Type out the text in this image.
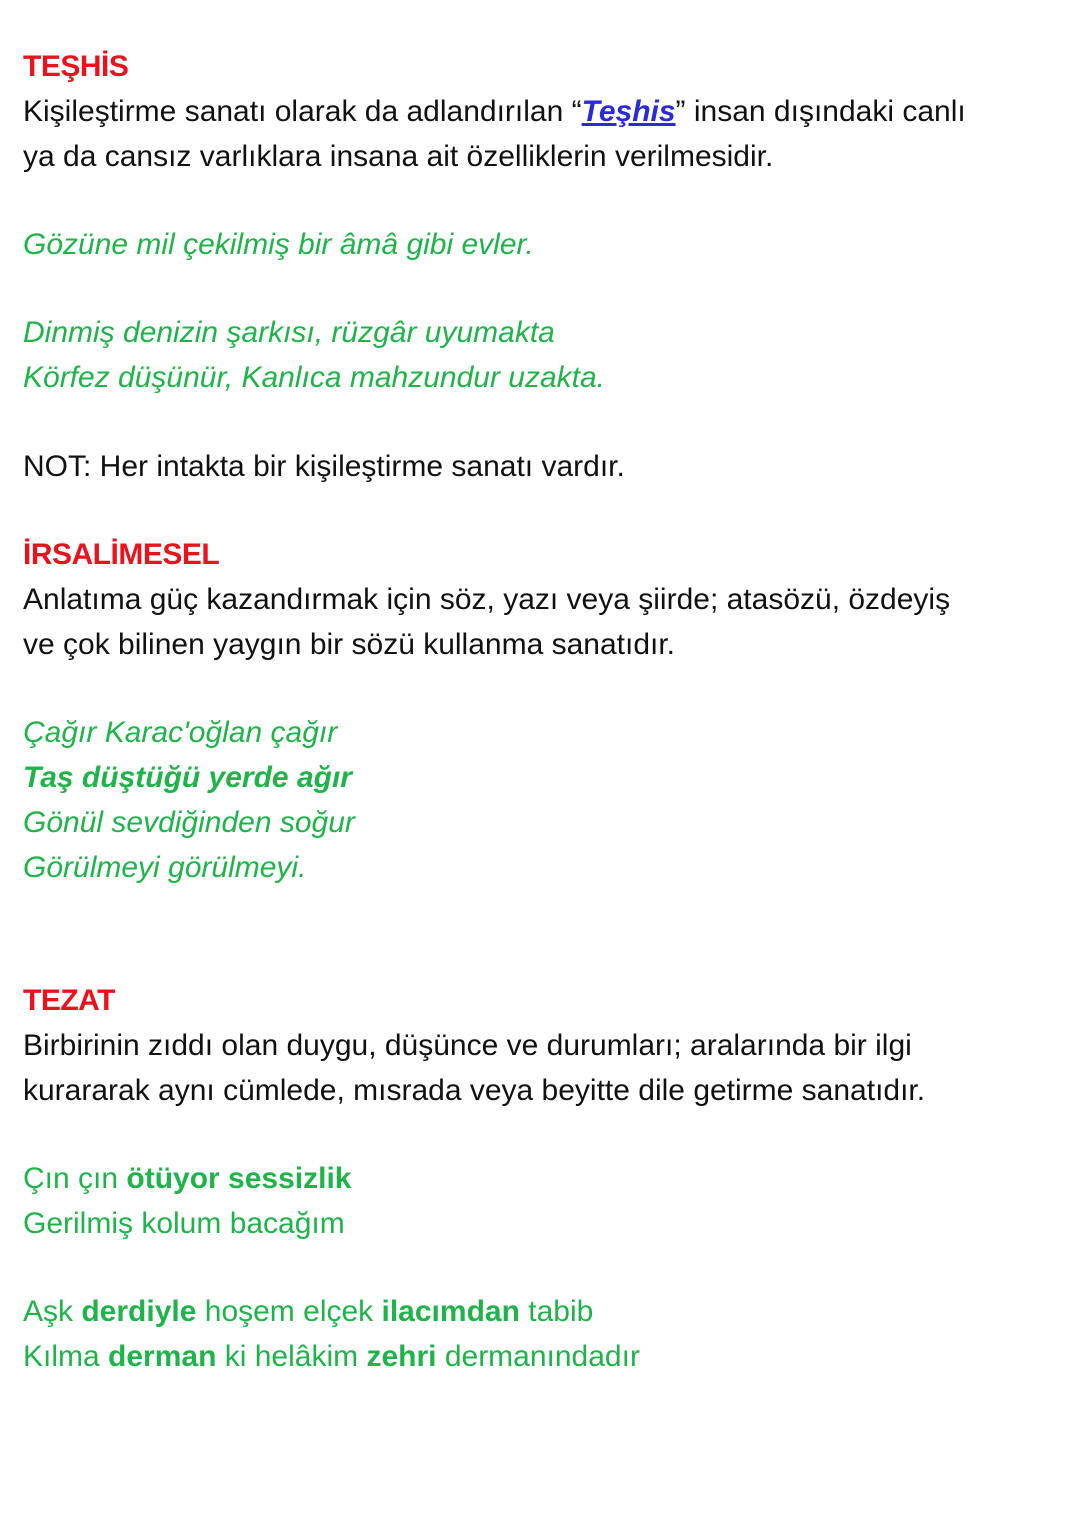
TEŞHİS

Kişileştirme sanatı olarak da adlandırılan “Teşhis” insan dışındaki canlı

ya da cansız varlıklara insana ait özelliklerin verilmesidir.

Gözüne mil çekilmiş bir âmâ gibi evler.

Dinmiş denizin şarkısı, rüzgâr uyumakta

Körfez düşünür, Kanlıca mahzundur uzakta.

NOT: Her intakta bir kişileştirme sanatı vardır.

İRSALİMESEL

Anlatıma güç kazandırmak için söz, yazı veya şiirde; atasözü, özdeyiş

ve çok bilinen yaygın bir sözü kullanma sanatıdır.

Çağır Karac'oğlan çağır

Taş düştüğü yerde ağır

Gönül sevdiğinden soğur

Görülmeyi görülmeyi.

TEZAT

Birbirinin zıddı olan duygu, düşünce ve durumları; aralarında bir ilgi

kurararak aynı cümlede, mısrada veya beyitte dile getirme sanatıdır.

Çın çın ötüyor sessizlik

Gerilmiş kolum bacağım

Aşk derdiyle hoşem elçek ilacımdan tabib

Kılma derman ki helâkim zehri dermanındadır
